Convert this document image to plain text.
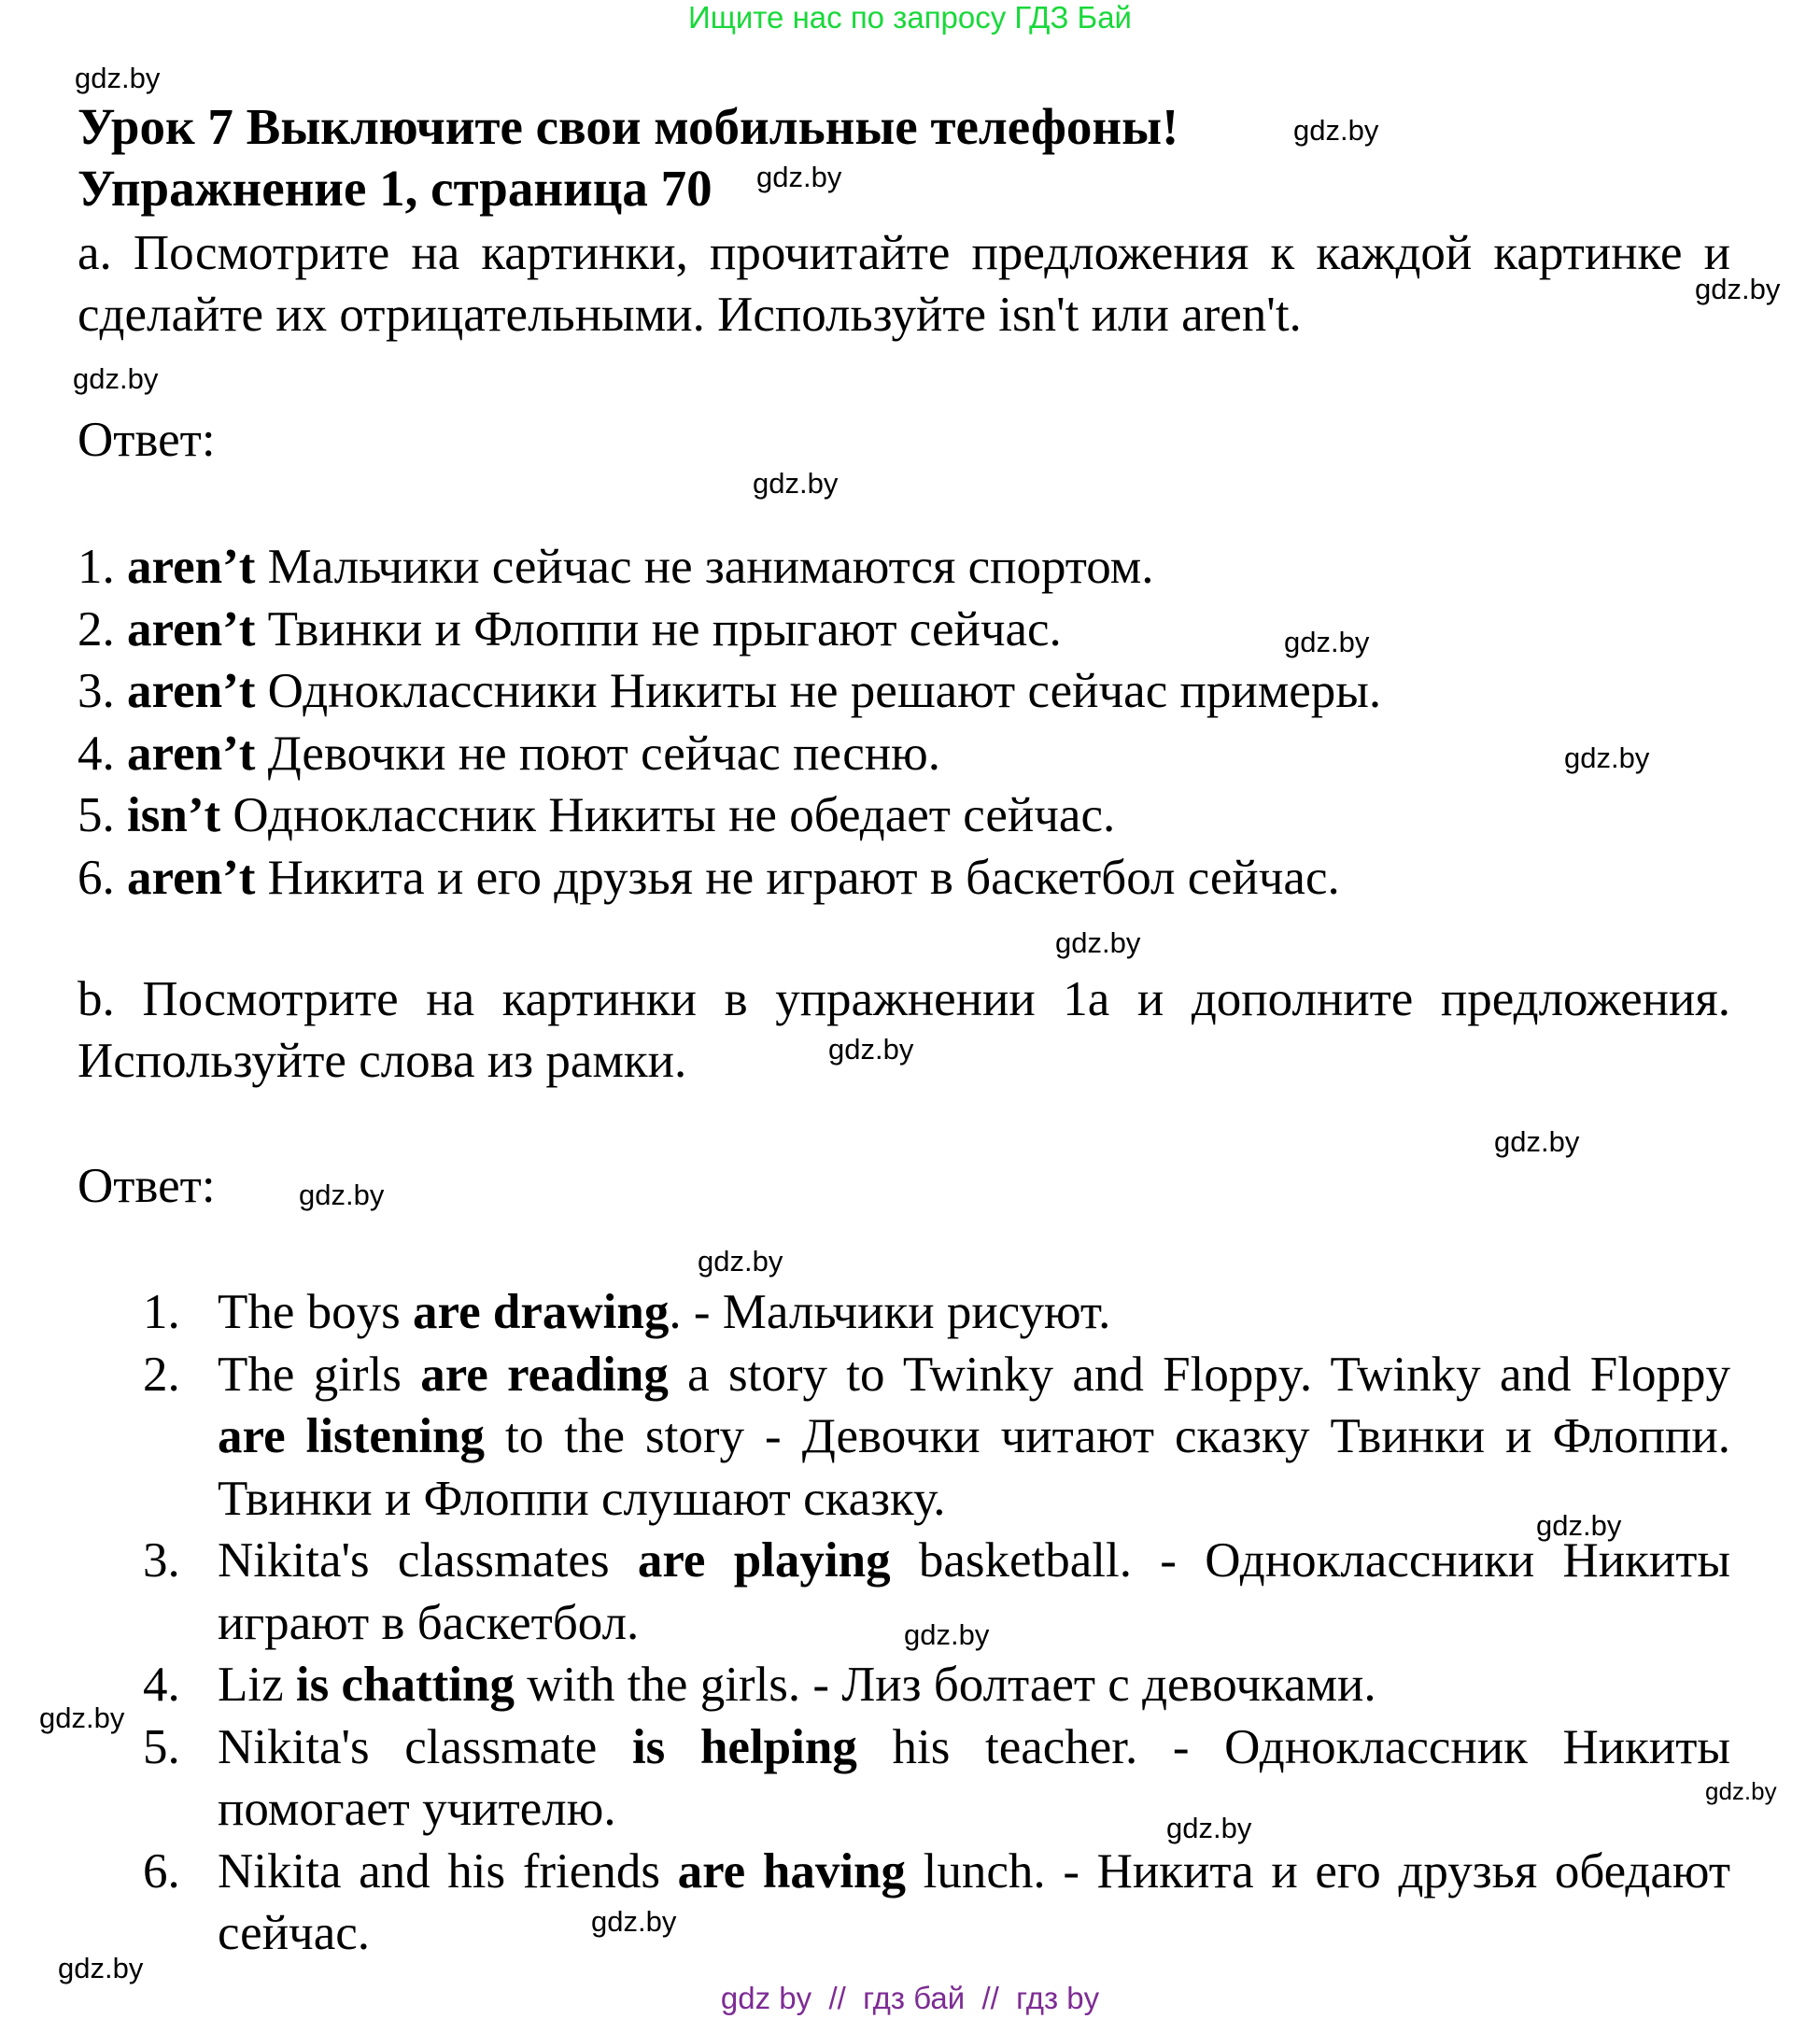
Ищите нас по запросу ГДЗ Бай
Урок 7 Выключите свои мобильные телефоны!
Упражнение 1, страница 70
a. Посмотрите на картинки, прочитайте предложения к каждой картинке и сделайте их отрицательными. Используйте isn't или aren't.
Ответ:
1. aren’t Мальчики сейчас не занимаются спортом.
2. aren’t Твинки и Флоппи не прыгают сейчас.
3. aren’t Одноклассники Никиты не решают сейчас примеры.
4. aren’t Девочки не поют сейчас песню.
5. isn’t Одноклассник Никиты не обедает сейчас.
6. aren’t Никита и его друзья не играют в баскетбол сейчас.
b. Посмотрите на картинки в упражнении 1a и дополните предложения. Используйте слова из рамки.
Ответ:
1. The boys are drawing. - Мальчики рисуют.
2. The girls are reading a story to Twinky and Floppy. Twinky and Floppy are listening to the story - Девочки читают сказку Твинки и Флоппи. Твинки и Флоппи слушают сказку.
3. Nikita's classmates are playing basketball. - Одноклассники Никиты играют в баскетбол.
4. Liz is chatting with the girls. - Лиз болтает с девочками.
5. Nikita's classmate is helping his teacher. - Одноклассник Никиты помогает учителю.
6. Nikita and his friends are having lunch. - Никита и его друзья обедают сейчас.
gdz.by
gdz.by
gdz.by
gdz.by
gdz.by
gdz.by
gdz.by
gdz.by
gdz.by
gdz.by
gdz.by
gdz.by
gdz.by
gdz.by
gdz.by
gdz.by
gdz.by
gdz.by
gdz.by
gdz.by
gdz by  //  гдз бай  //  гдз by
